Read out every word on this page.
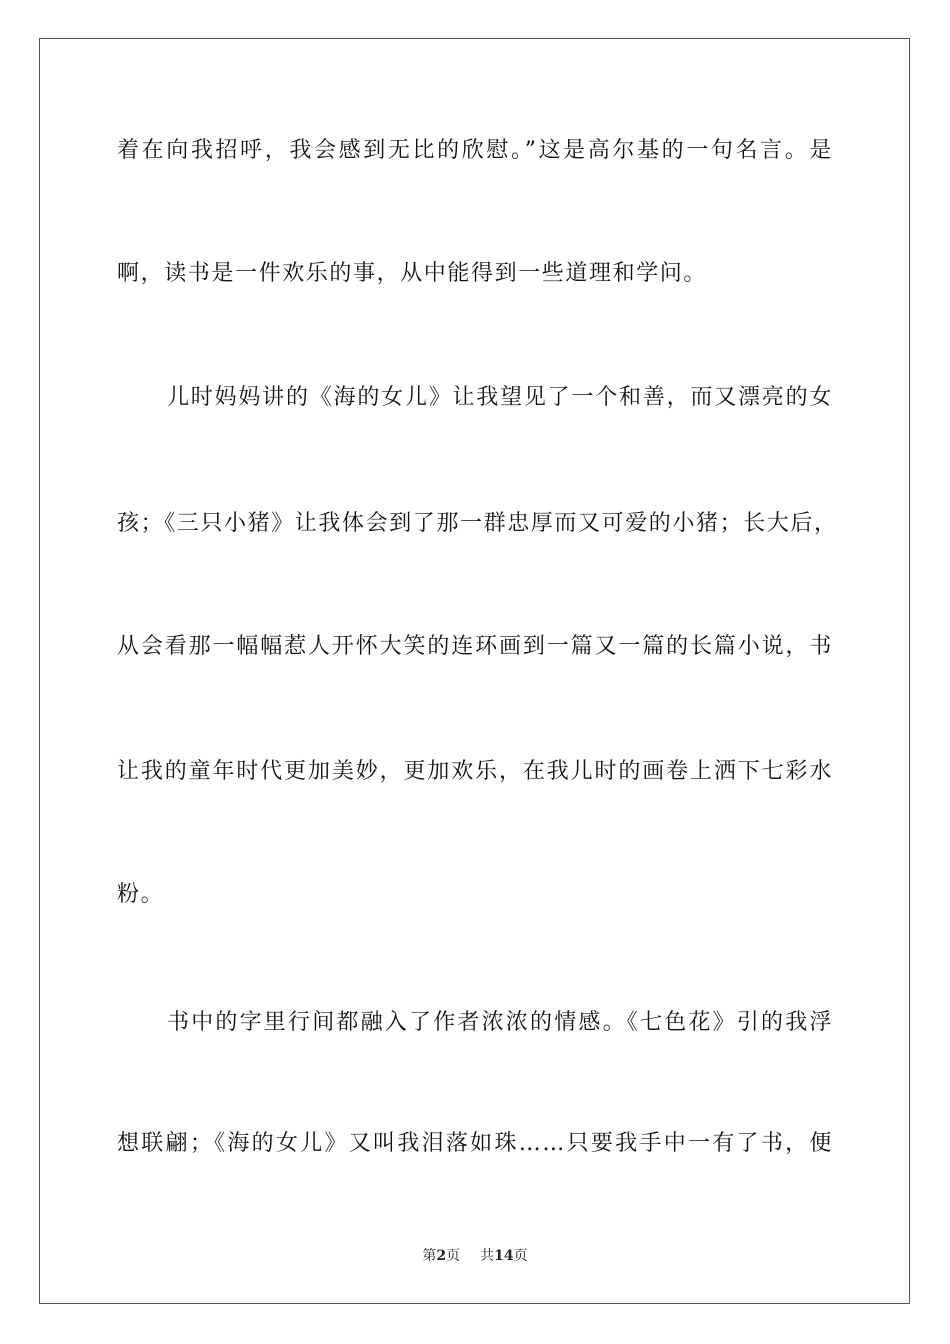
着在向我招呼，我会感到无比的欣慰。”这是高尔基的一句名言。是
啊，读书是一件欢乐的事，从中能得到一些道理和学问。
儿时妈妈讲的《海的女儿》让我望见了一个和善，而又漂亮的女
孩；《三只小猪》让我体会到了那一群忠厚而又可爱的小猪；长大后，
从会看那一幅幅惹人开怀大笑的连环画到一篇又一篇的长篇小说，书
让我的童年时代更加美妙，更加欢乐，在我儿时的画卷上洒下七彩水
粉。
书中的字里行间都融入了作者浓浓的情感。《七色花》引的我浮
想联翩；《海的女儿》又叫我泪落如珠……只要我手中一有了书，便
第2页 共14页
